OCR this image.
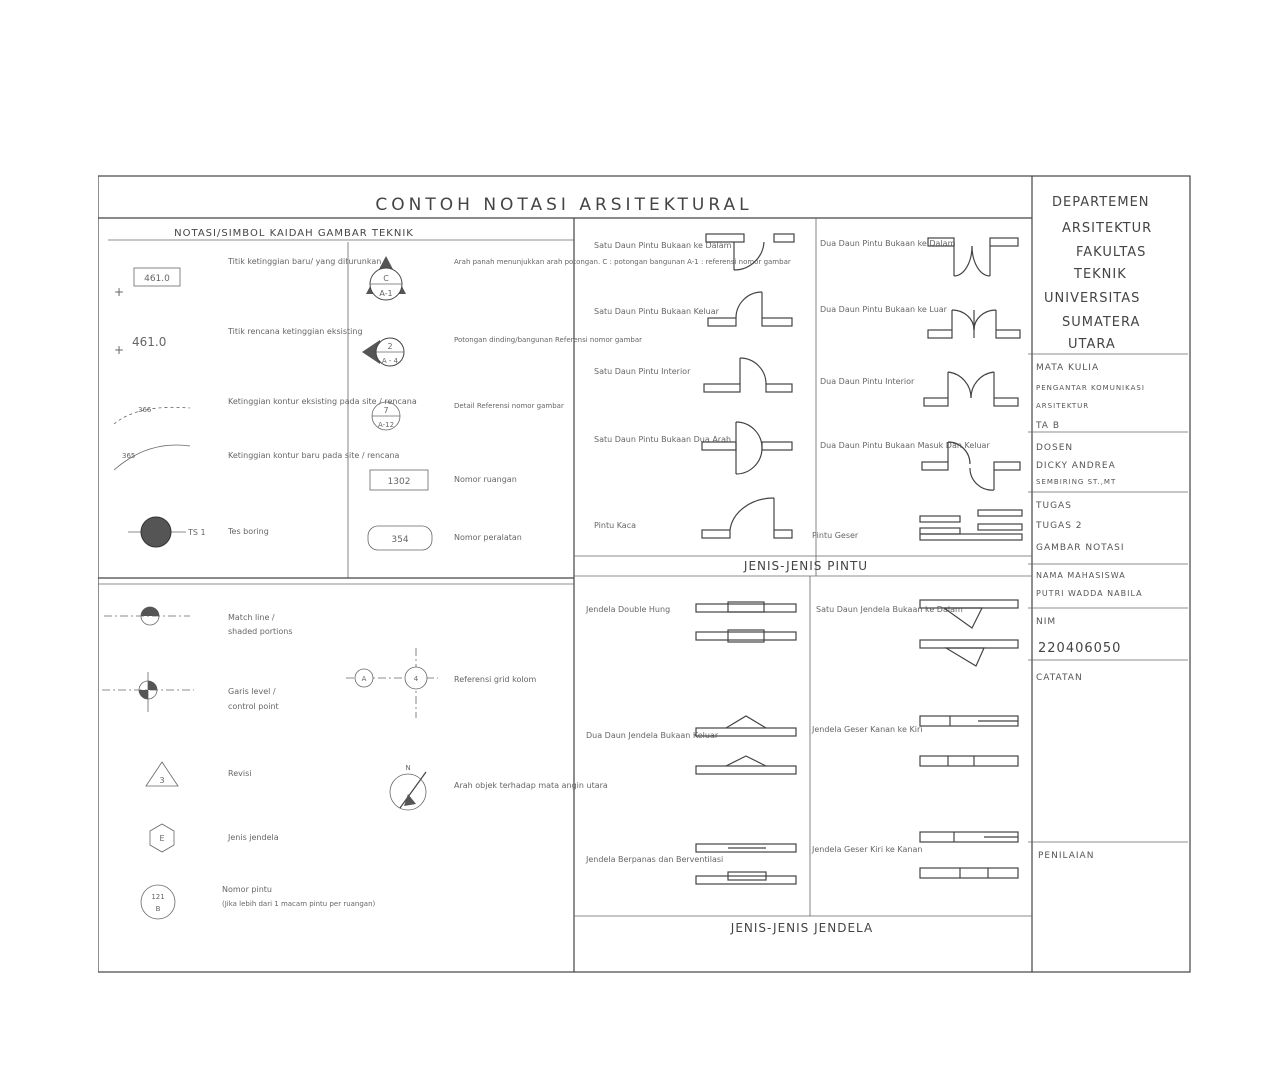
CONTOH NOTASI ARSITEKTURAL
NOTASI/SIMBOL KAIDAH GAMBAR TEKNIK
+
461.0
Titik ketinggian baru/ yang diturunkan
+
461.0
Titik rencana ketinggian eksisting
366
Ketinggian kontur eksisting pada site / rencana
365	Ketinggian kontur baru pada site / rencana
TS 1	Tes boring
C
A-1
Arah panah menunjukkan arah potongan. C : potongan bangunan A-1 : referensi nomor gambar
2
A - 4
Potongan dinding/bangunan Referensi nomor gambar
7
A-12
Detail Referensi nomor gambar
1302	Nomor ruangan
354	Nomor peralatan
Match line /
shaded portions
Garis level /
control point
3
Revisi
E	Jenis jendela
121
B
Nomor pintu
(Jika lebih dari 1 macam pintu per ruangan)
A	4	Referensi grid kolom
N
Arah objek terhadap mata angin utara
JENIS-JENIS PINTU
Satu Daun Pintu Bukaan ke Dalam
Satu Daun Pintu Bukaan Keluar
Satu Daun Pintu Interior
Satu Daun Pintu Bukaan Dua Arah
Pintu Kaca
Dua Daun Pintu Bukaan ke Dalam
Dua Daun Pintu Bukaan ke Luar
Dua Daun Pintu Interior
Dua Daun Pintu Bukaan Masuk Dan Keluar
Pintu Geser
JENIS-JENIS JENDELA
Jendela Double Hung
Dua Daun Jendela Bukaan Keluar
Jendela Berpanas dan Berventilasi
Satu Daun Jendela Bukaan ke Dalam
Jendela Geser Kanan ke Kiri
Jendela Geser Kiri ke Kanan
DEPARTEMEN
ARSITEKTUR
FAKULTAS
TEKNIK
UNIVERSITAS
SUMATERA
UTARA
MATA KULIA
PENGANTAR KOMUNIKASI
ARSITEKTUR
TA B
DOSEN
DICKY ANDREA
SEMBIRING ST.,MT
TUGAS
TUGAS 2
GAMBAR NOTASI
NAMA MAHASISWA
PUTRI WADDA NABILA
NIM
220406050
CATATAN
PENILAIAN
